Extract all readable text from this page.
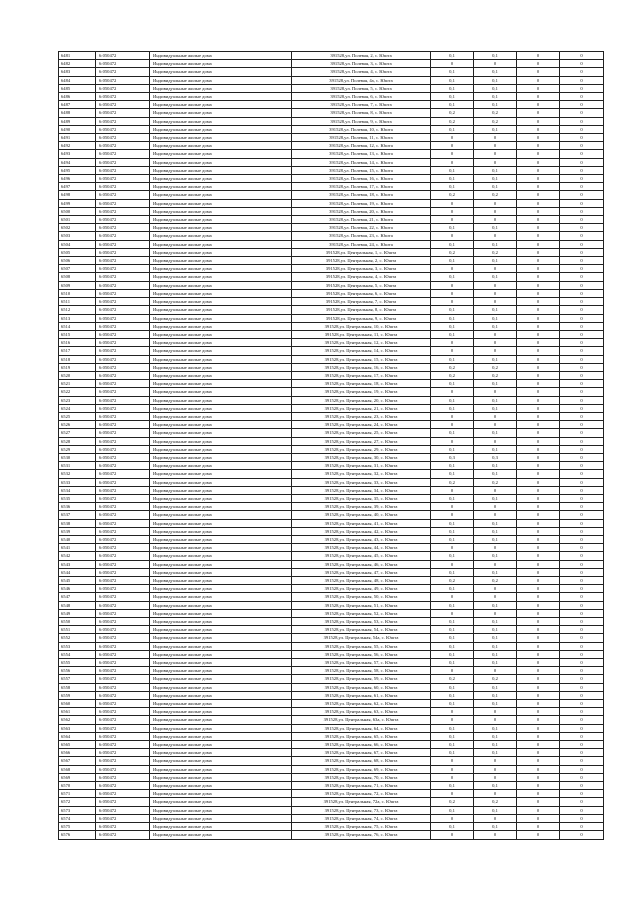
6481	6:050472	Индивидуальные жилые дома	391528,ул. Полевая, 2, с. Юшта	0,1	0,1	0	0
6482	6:050472	Индивидуальные жилые дома	391528,ул. Полевая, 3, с. Юшта	0	0	0	0
6483	6:050472	Индивидуальные жилые дома	391528,ул. Полевая, 4, с. Юшта	0,1	0,1	0	0
6484	6:050472	Индивидуальные жилые дома	391528,ул. Полевая, 4а, с. Юшта	0,1	0,1	0	0
6485	6:050472	Индивидуальные жилые дома	391528,ул. Полевая, 5, с. Юшта	0,1	0,1	0	0
6486	6:050472	Индивидуальные жилые дома	391528,ул. Полевая, 6, с. Юшта	0,1	0,1	0	0
6487	6:050472	Индивидуальные жилые дома	391528,ул. Полевая, 7, с. Юшта	0,1	0,1	0	0
6488	6:050472	Индивидуальные жилые дома	391528,ул. Полевая, 8, с. Юшта	0,2	0,2	0	0
6489	6:050472	Индивидуальные жилые дома	391528,ул. Полевая, 9, с. Юшта	0,2	0,2	0	0
6490	6:050472	Индивидуальные жилые дома	391528,ул. Полевая, 10, с. Юшта	0,1	0,1	0	0
6491	6:050472	Индивидуальные жилые дома	391528,ул. Полевая, 11, с. Юшта	0	0	0	0
6492	6:050472	Индивидуальные жилые дома	391528,ул. Полевая, 12, с. Юшта	0	0	0	0
6493	6:050472	Индивидуальные жилые дома	391528,ул. Полевая, 13, с. Юшта	0	0	0	0
6494	6:050472	Индивидуальные жилые дома	391528,ул. Полевая, 14, с. Юшта	0	0	0	0
6495	6:050472	Индивидуальные жилые дома	391528,ул. Полевая, 15, с. Юшта	0,1	0,1	0	0
6496	6:050472	Индивидуальные жилые дома	391528,ул. Полевая, 16, с. Юшта	0,1	0,1	0	0
6497	6:050472	Индивидуальные жилые дома	391528,ул. Полевая, 17, с. Юшта	0,1	0,1	0	0
6498	6:050472	Индивидуальные жилые дома	391528,ул. Полевая, 18, с. Юшта	0,2	0,2	0	0
6499	6:050472	Индивидуальные жилые дома	391528,ул. Полевая, 19, с. Юшта	0	0	0	0
6500	6:050472	Индивидуальные жилые дома	391528,ул. Полевая, 20, с. Юшта	0	0	0	0
6501	6:050472	Индивидуальные жилые дома	391528,ул. Полевая, 21, с. Юшта	0	0	0	0
6502	6:050472	Индивидуальные жилые дома	391528,ул. Полевая, 22, с. Юшта	0,1	0,1	0	0
6503	6:050472	Индивидуальные жилые дома	391528,ул. Полевая, 23, с. Юшта	0	0	0	0
6504	6:050472	Индивидуальные жилые дома	391528,ул. Полевая, 24, с. Юшта	0,1	0,1	0	0
6505	6:050472	Индивидуальные жилые дома	391528,ул. Центральная, 1, с. Юшта	0,2	0,2	0	0
6506	6:050472	Индивидуальные жилые дома	391528,ул. Центральная, 2, с. Юшта	0,1	0,1	0	0
6507	6:050472	Индивидуальные жилые дома	391528,ул. Центральная, 3, с. Юшта	0	0	0	0
6508	6:050472	Индивидуальные жилые дома	391528,ул. Центральная, 4, с. Юшта	0,1	0,1	0	0
6509	6:050472	Индивидуальные жилые дома	391528,ул. Центральная, 5, с. Юшта	0	0	0	0
6510	6:050472	Индивидуальные жилые дома	391528,ул. Центральная, 6, с. Юшта	0	0	0	0
6511	6:050472	Индивидуальные жилые дома	391528,ул. Центральная, 7, с. Юшта	0	0	0	0
6512	6:050472	Индивидуальные жилые дома	391528,ул. Центральная, 8, с. Юшта	0,1	0,1	0	0
6513	6:050472	Индивидуальные жилые дома	391528,ул. Центральная, 9, с. Юшта	0,1	0,1	0	0
6514	6:050472	Индивидуальные жилые дома	391528,ул. Центральная, 10, с. Юшта	0,1	0,1	0	0
6515	6:050472	Индивидуальные жилые дома	391528,ул. Центральная, 11, с. Юшта	0,1	0	0	0
6516	6:050472	Индивидуальные жилые дома	391528,ул. Центральная, 12, с. Юшта	0	0	0	0
6517	6:050472	Индивидуальные жилые дома	391528,ул. Центральная, 14, с. Юшта	0	0	0	0
6518	6:050472	Индивидуальные жилые дома	391528,ул. Центральная, 15, с. Юшта	0,1	0,1	0	0
6519	6:050472	Индивидуальные жилые дома	391528,ул. Центральная, 16, с. Юшта	0,2	0,2	0	0
6520	6:050472	Индивидуальные жилые дома	391528,ул. Центральная, 17, с. Юшта	0,2	0,2	0	0
6521	6:050472	Индивидуальные жилые дома	391528,ул. Центральная, 18, с. Юшта	0,1	0,1	0	0
6522	6:050472	Индивидуальные жилые дома	391528,ул. Центральная, 19, с. Юшта	0	0	0	0
6523	6:050472	Индивидуальные жилые дома	391528,ул. Центральная, 20, с. Юшта	0,1	0,1	0	0
6524	6:050472	Индивидуальные жилые дома	391528,ул. Центральная, 21, с. Юшта	0,1	0,1	0	0
6525	6:050472	Индивидуальные жилые дома	391528,ул. Центральная, 23, с. Юшта	0	0	0	0
6526	6:050472	Индивидуальные жилые дома	391528,ул. Центральная, 24, с. Юшта	0	0	0	0
6527	6:050472	Индивидуальные жилые дома	391528,ул. Центральная, 25, с. Юшта	0,1	0,1	0	0
6528	6:050472	Индивидуальные жилые дома	391528,ул. Центральная, 27, с. Юшта	0	0	0	0
6529	6:050472	Индивидуальные жилые дома	391528,ул. Центральная, 29, с. Юшта	0,1	0,1	0	0
6530	6:050472	Индивидуальные жилые дома	391528,ул. Центральная, 30, с. Юшта	0,3	0,3	0	0
6531	6:050472	Индивидуальные жилые дома	391528,ул. Центральная, 31, с. Юшта	0,1	0,1	0	0
6532	6:050472	Индивидуальные жилые дома	391528,ул. Центральная, 32, с. Юшта	0,1	0,1	0	0
6533	6:050472	Индивидуальные жилые дома	391528,ул. Центральная, 33, с. Юшта	0,2	0,2	0	0
6534	6:050472	Индивидуальные жилые дома	391528,ул. Центральная, 34, с. Юшта	0	0	0	0
6535	6:050472	Индивидуальные жилые дома	391528,ул. Центральная, 35, с. Юшта	0,1	0,1	0	0
6536	6:050472	Индивидуальные жилые дома	391528,ул. Центральная, 39, с. Юшта	0	0	0	0
6537	6:050472	Индивидуальные жилые дома	391528,ул. Центральная, 40, с. Юшта	0	0	0	0
6538	6:050472	Индивидуальные жилые дома	391528,ул. Центральная, 41, с. Юшта	0,1	0,1	0	0
6539	6:050472	Индивидуальные жилые дома	391528,ул. Центральная, 42, с. Юшта	0,1	0,1	0	0
6540	6:050472	Индивидуальные жилые дома	391528,ул. Центральная, 43, с. Юшта	0,1	0,1	0	0
6541	6:050472	Индивидуальные жилые дома	391528,ул. Центральная, 44, с. Юшта	0	0	0	0
6542	6:050472	Индивидуальные жилые дома	391528,ул. Центральная, 45, с. Юшта	0,1	0,1	0	0
6543	6:050472	Индивидуальные жилые дома	391528,ул. Центральная, 46, с. Юшта	0	0	0	0
6544	6:050472	Индивидуальные жилые дома	391528,ул. Центральная, 47, с. Юшта	0,1	0,1	0	0
6545	6:050472	Индивидуальные жилые дома	391528,ул. Центральная, 48, с. Юшта	0,2	0,2	0	0
6546	6:050472	Индивидуальные жилые дома	391528,ул. Центральная, 49, с. Юшта	0,1	0	0	0
6547	6:050472	Индивидуальные жилые дома	391528,ул. Центральная, 50, с. Юшта	0	0	0	0
6548	6:050472	Индивидуальные жилые дома	391528,ул. Центральная, 51, с. Юшта	0,1	0,1	0	0
6549	6:050472	Индивидуальные жилые дома	391528,ул. Центральная, 52, с. Юшта	0	0	0	0
6550	6:050472	Индивидуальные жилые дома	391528,ул. Центральная, 53, с. Юшта	0,1	0,1	0	0
6551	6:050472	Индивидуальные жилые дома	391528,ул. Центральная, 54, с. Юшта	0,1	0,1	0	0
6552	6:050472	Индивидуальные жилые дома	391528,ул. Центральная, 54а, с. Юшта	0,1	0,1	0	0
6553	6:050472	Индивидуальные жилые дома	391528,ул. Центральная, 55, с. Юшта	0,1	0,1	0	0
6554	6:050472	Индивидуальные жилые дома	391528,ул. Центральная, 56, с. Юшта	0,1	0,1	0	0
6555	6:050472	Индивидуальные жилые дома	391528,ул. Центральная, 57, с. Юшта	0,1	0,1	0	0
6556	6:050472	Индивидуальные жилые дома	391528,ул. Центральная, 58, с. Юшта	0	0	0	0
6557	6:050472	Индивидуальные жилые дома	391528,ул. Центральная, 59, с. Юшта	0,2	0,2	0	0
6558	6:050472	Индивидуальные жилые дома	391528,ул. Центральная, 60, с. Юшта	0,1	0,1	0	0
6559	6:050472	Индивидуальные жилые дома	391528,ул. Центральная, 61, с. Юшта	0,1	0,1	0	0
6560	6:050472	Индивидуальные жилые дома	391528,ул. Центральная, 62, с. Юшта	0,1	0,1	0	0
6561	6:050472	Индивидуальные жилые дома	391528,ул. Центральная, 63, с. Юшта	0	0	0	0
6562	6:050472	Индивидуальные жилые дома	391528,ул. Центральная, 63а, с. Юшта	0	0	0	0
6563	6:050472	Индивидуальные жилые дома	391528,ул. Центральная, 64, с. Юшта	0,1	0,1	0	0
6564	6:050472	Индивидуальные жилые дома	391528,ул. Центральная, 65, с. Юшта	0,1	0,1	0	0
6565	6:050472	Индивидуальные жилые дома	391528,ул. Центральная, 66, с. Юшта	0,1	0,1	0	0
6566	6:050472	Индивидуальные жилые дома	391528,ул. Центральная, 67, с. Юшта	0,1	0,1	0	0
6567	6:050472	Индивидуальные жилые дома	391528,ул. Центральная, 68, с. Юшта	0	0	0	0
6568	6:050472	Индивидуальные жилые дома	391528,ул. Центральная, 69, с. Юшта	0	0	0	0
6569	6:050472	Индивидуальные жилые дома	391528,ул. Центральная, 70, с. Юшта	0	0	0	0
6570	6:050472	Индивидуальные жилые дома	391528,ул. Центральная, 71, с. Юшта	0,1	0,1	0	0
6571	6:050472	Индивидуальные жилые дома	391528,ул. Центральная, 72, с. Юшта	0	0	0	0
6572	6:050472	Индивидуальные жилые дома	391528,ул. Центральная, 72а, с. Юшта	0,2	0,2	0	0
6573	6:050472	Индивидуальные жилые дома	391528,ул. Центральная, 73, с. Юшта	0,1	0,1	0	0
6574	6:050472	Индивидуальные жилые дома	391528,ул. Центральная, 74, с. Юшта	0	0	0	0
6575	6:050472	Индивидуальные жилые дома	391528,ул. Центральная, 75, с. Юшта	0,1	0,1	0	0
6576	6:050472	Индивидуальные жилые дома	391528,ул. Центральная, 76, с. Юшта	0	0	0	0
